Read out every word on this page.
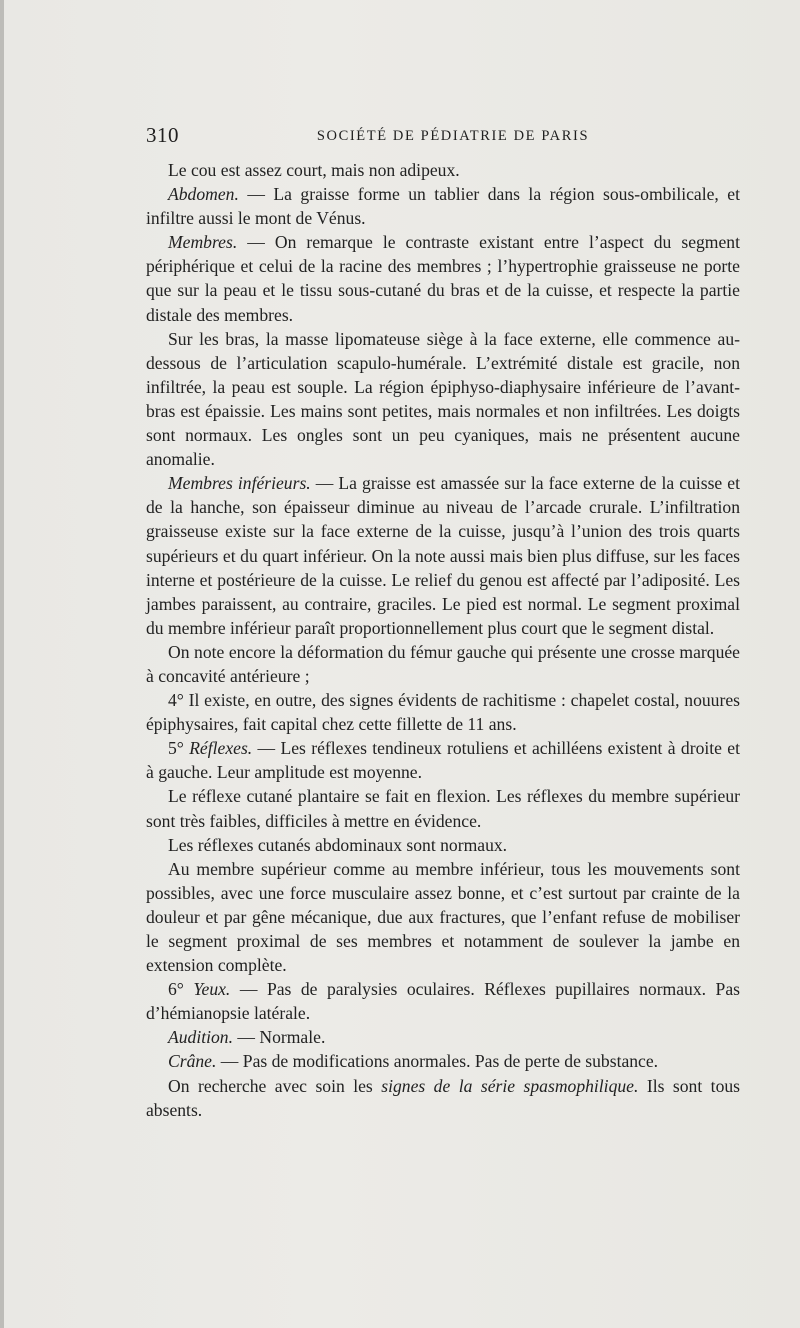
310	SOCIÉTÉ DE PÉDIATRIE DE PARIS

Le cou est assez court, mais non adipeux.

Abdomen. — La graisse forme un tablier dans la région sous-ombilicale, et infiltre aussi le mont de Vénus.

Membres. — On remarque le contraste existant entre l’aspect du segment périphérique et celui de la racine des membres ; l’hypertrophie graisseuse ne porte que sur la peau et le tissu sous-cutané du bras et de la cuisse, et respecte la partie distale des membres.

Sur les bras, la masse lipomateuse siège à la face externe, elle commence au-dessous de l’articulation scapulo-humérale. L’extrémité distale est gracile, non infiltrée, la peau est souple. La région épiphyso-diaphysaire inférieure de l’avant-bras est épaissie. Les mains sont petites, mais normales et non infiltrées. Les doigts sont normaux. Les ongles sont un peu cyaniques, mais ne présentent aucune anomalie.

Membres inférieurs. — La graisse est amassée sur la face externe de la cuisse et de la hanche, son épaisseur diminue au niveau de l’arcade crurale. L’infiltration graisseuse existe sur la face externe de la cuisse, jusqu’à l’union des trois quarts supérieurs et du quart inférieur. On la note aussi mais bien plus diffuse, sur les faces interne et postérieure de la cuisse. Le relief du genou est affecté par l’adiposité. Les jambes paraissent, au contraire, graciles. Le pied est normal. Le segment proximal du membre inférieur paraît proportionnellement plus court que le segment distal.

On note encore la déformation du fémur gauche qui présente une crosse marquée à concavité antérieure ;

4° Il existe, en outre, des signes évidents de rachitisme : chapelet costal, nouures épiphysaires, fait capital chez cette fillette de 11 ans.

5° Réflexes. — Les réflexes tendineux rotuliens et achilléens existent à droite et à gauche. Leur amplitude est moyenne.

Le réflexe cutané plantaire se fait en flexion. Les réflexes du membre supérieur sont très faibles, difficiles à mettre en évidence.

Les réflexes cutanés abdominaux sont normaux.

Au membre supérieur comme au membre inférieur, tous les mouvements sont possibles, avec une force musculaire assez bonne, et c’est surtout par crainte de la douleur et par gêne mécanique, due aux fractures, que l’enfant refuse de mobiliser le segment proximal de ses membres et notamment de soulever la jambe en extension complète.

6° Yeux. — Pas de paralysies oculaires. Réflexes pupillaires normaux. Pas d’hémianopsie latérale.

Audition. — Normale.

Crâne. — Pas de modifications anormales. Pas de perte de substance.

On recherche avec soin les signes de la série spasmophilique. Ils sont tous absents.
